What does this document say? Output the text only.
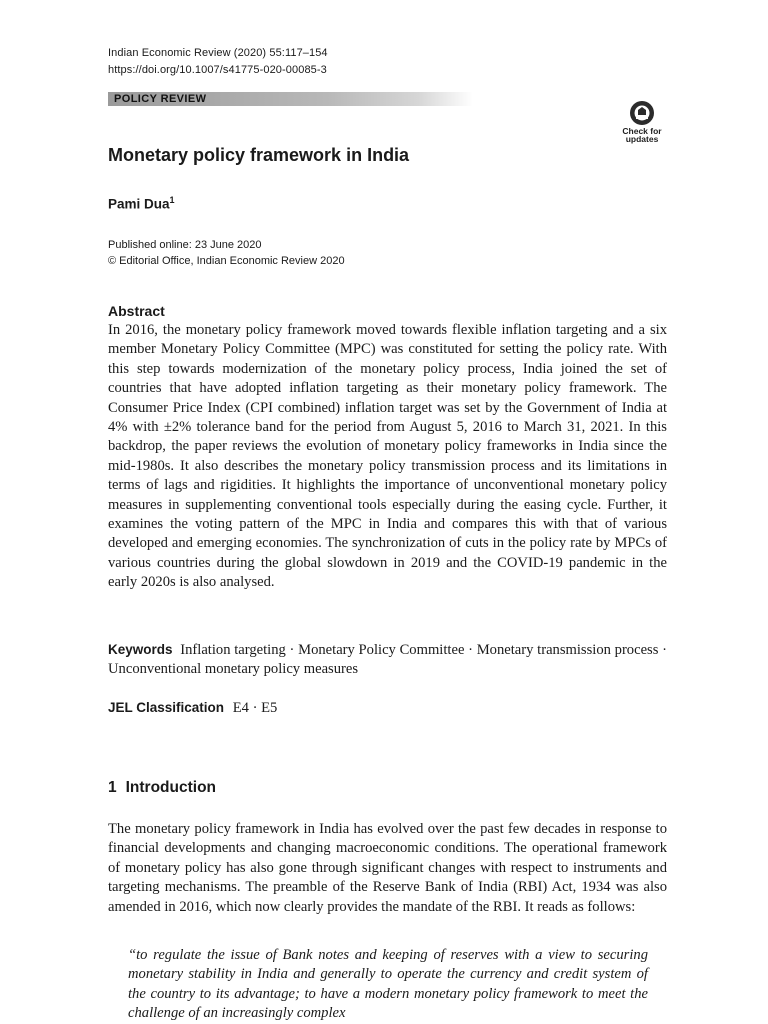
Indian Economic Review (2020) 55:117–154
https://doi.org/10.1007/s41775-020-00085-3
POLICY REVIEW
Check for
updates
Monetary policy framework in India
Pami Dua$^1$
Published online: 23 June 2020
© Editorial Office, Indian Economic Review 2020
Abstract

In 2016, the monetary policy framework moved towards flexible inflation targeting and a six member Monetary Policy Committee (MPC) was constituted for setting the policy rate. With this step towards modernization of the monetary policy process, India joined the set of countries that have adopted inflation targeting as their monetary policy framework. The Consumer Price Index (CPI combined) inflation target was set by the Government of India at 4% with ±2% tolerance band for the period from August 5, 2016 to March 31, 2021. In this backdrop, the paper reviews the evolution of monetary policy frameworks in India since the mid-1980s. It also describes the monetary policy transmission process and its limitations in terms of lags and rigidities. It highlights the importance of unconventional monetary policy measures in supplementing conventional tools especially during the easing cycle. Further, it examines the voting pattern of the MPC in India and compares this with that of various developed and emerging economies. The synchronization of cuts in the policy rate by MPCs of various countries during the global slowdown in 2019 and the COVID-19 pandemic in the early 2020s is also analysed.

Keywords Inflation targeting · Monetary Policy Committee · Monetary transmission process · Unconventional monetary policy measures

JEL Classification E4 · E5
1 Introduction

The monetary policy framework in India has evolved over the past few decades in response to financial developments and changing macroeconomic conditions. The operational framework of monetary policy has also gone through significant changes with respect to instruments and targeting mechanisms. The preamble of the Reserve Bank of India (RBI) Act, 1934 was also amended in 2016, which now clearly provides the mandate of the RBI. It reads as follows:

“to regulate the issue of Bank notes and keeping of reserves with a view to securing monetary stability in India and generally to operate the currency and credit system of the country to its advantage; to have a modern monetary policy framework to meet the challenge of an increasingly complex
